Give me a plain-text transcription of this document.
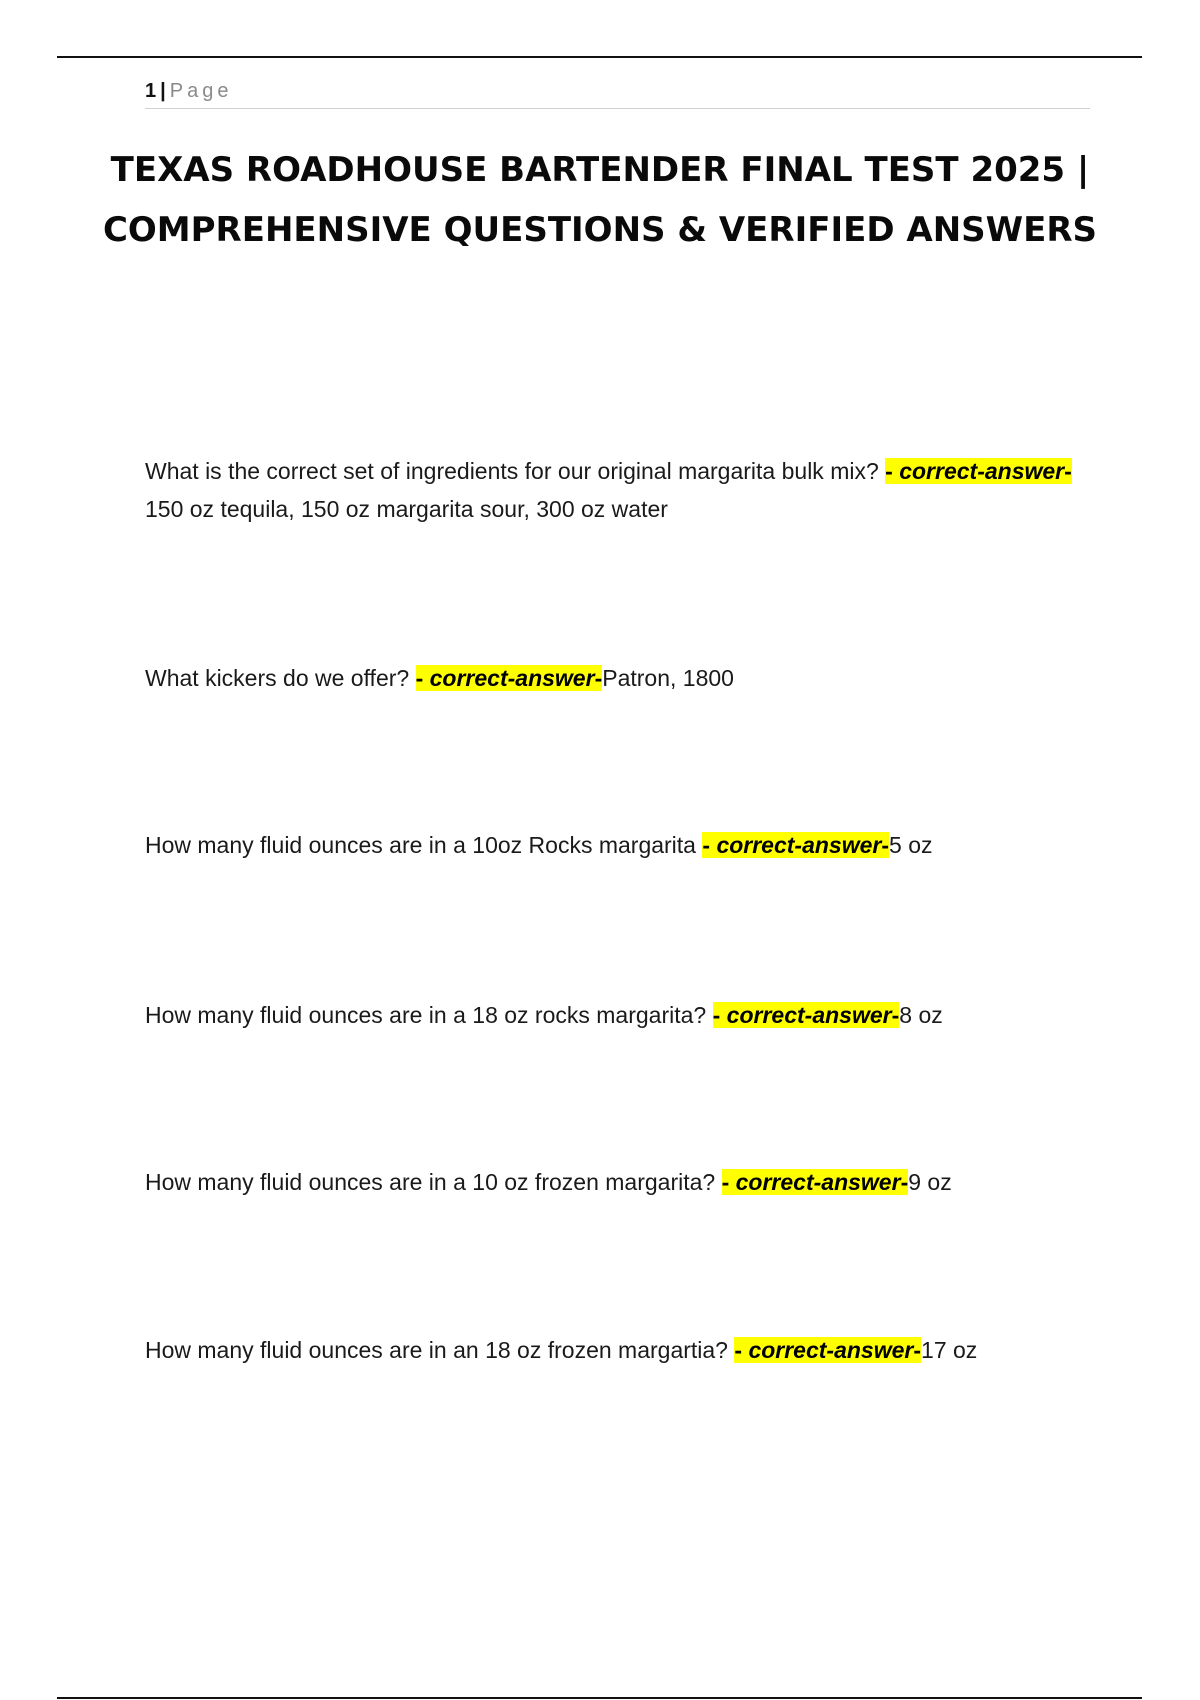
1 | Page
TEXAS ROADHOUSE BARTENDER FINAL TEST 2025 | COMPREHENSIVE QUESTIONS & VERIFIED ANSWERS

What is the correct set of ingredients for our original margarita bulk mix? - correct-answer-150 oz tequila, 150 oz margarita sour, 300 oz water

What kickers do we offer? - correct-answer-Patron, 1800

How many fluid ounces are in a 10oz Rocks margarita - correct-answer-5 oz

How many fluid ounces are in a 18 oz rocks margarita? - correct-answer-8 oz

How many fluid ounces are in a 10 oz frozen margarita? - correct-answer-9 oz

How many fluid ounces are in an 18 oz frozen margartia? - correct-answer-17 oz
